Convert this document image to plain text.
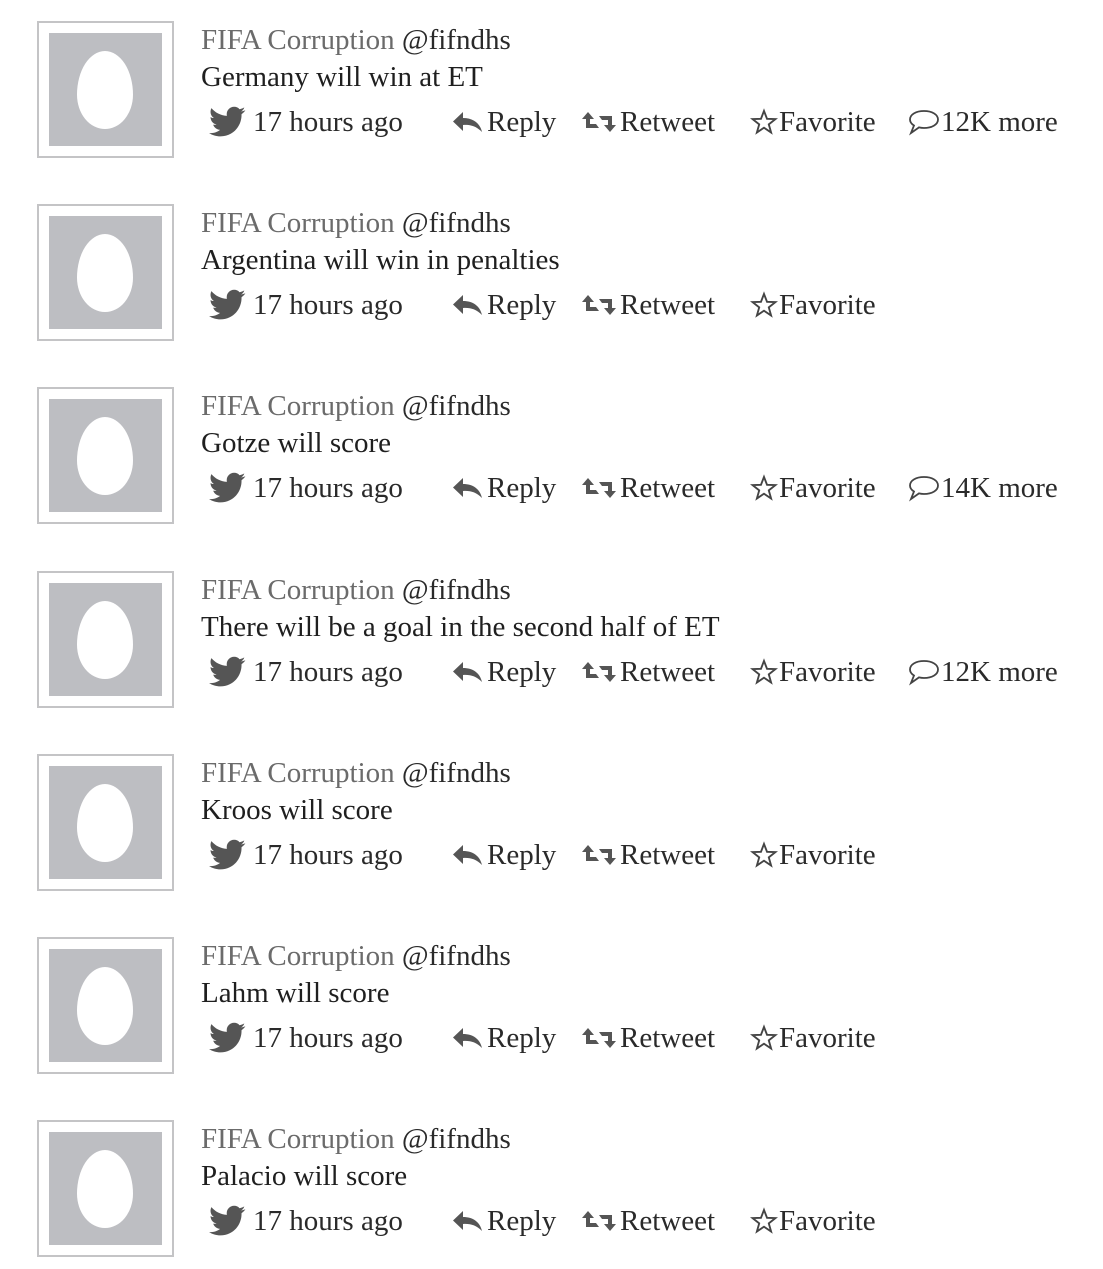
FIFA Corruption @fifndhs
Germany will win at ET
17 hours ago	Reply Retweet Favorite 12K more
FIFA Corruption @fifndhs
Argentina will win in penalties
17 hours ago	Reply Retweet Favorite
FIFA Corruption @fifndhs
Gotze will score
17 hours ago	Reply Retweet Favorite 14K more
FIFA Corruption @fifndhs
There will be a goal in the second half of ET
17 hours ago	Reply Retweet Favorite 12K more
FIFA Corruption @fifndhs
Kroos will score
17 hours ago	Reply Retweet Favorite
FIFA Corruption @fifndhs
Lahm will score
17 hours ago	Reply Retweet Favorite
FIFA Corruption @fifndhs
Palacio will score
17 hours ago	Reply Retweet Favorite
